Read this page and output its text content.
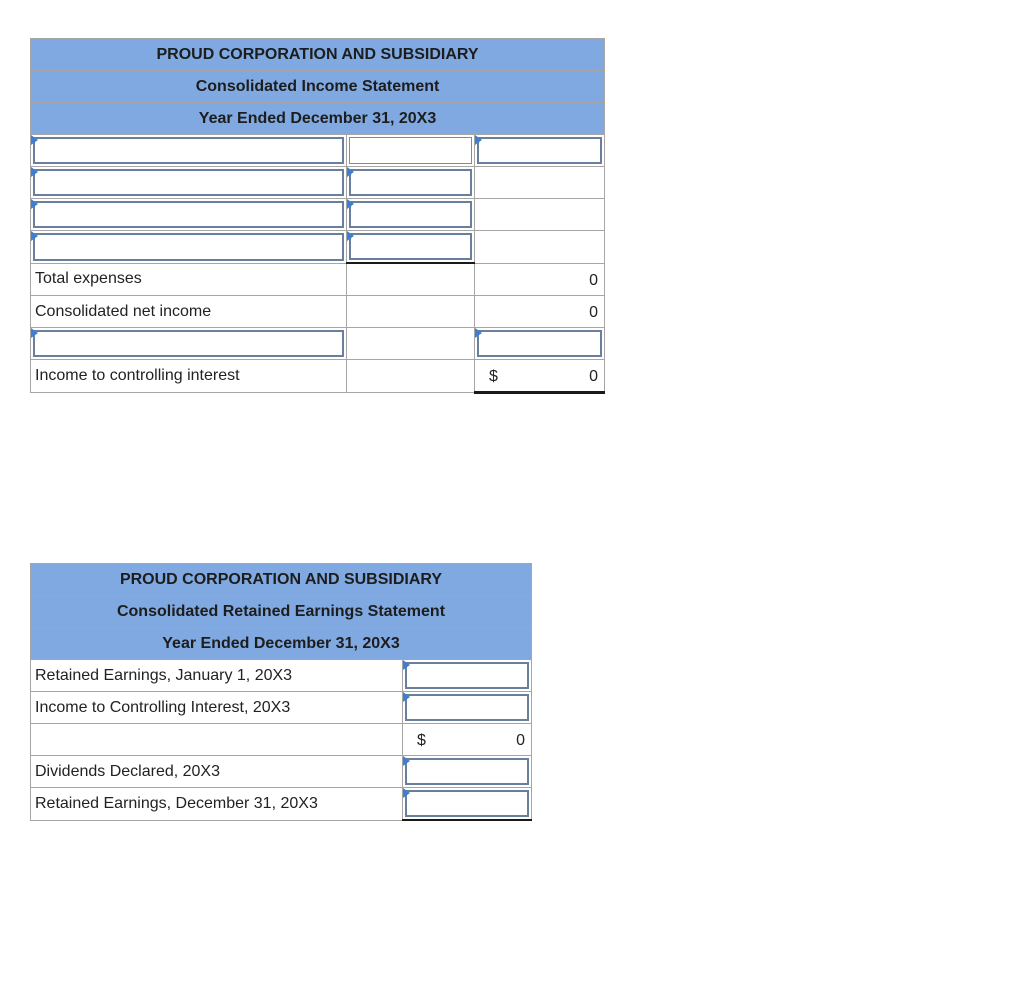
PROUD CORPORATION AND SUBSIDIARY		
Consolidated Income Statement		
Year Ended December 31, 20X3		

Total expenses		0

Consolidated net income		0

Income to controlling interest		$ 0
PROUD CORPORATION AND SUBSIDIARY	
Consolidated Retained Earnings Statement	
Year Ended December 31, 20X3	
Retained Earnings, January 1, 20X3	

Income to Controlling Interest, 20X3	

	$ 0

Dividends Declared, 20X3	

Retained Earnings, December 31, 20X3	
